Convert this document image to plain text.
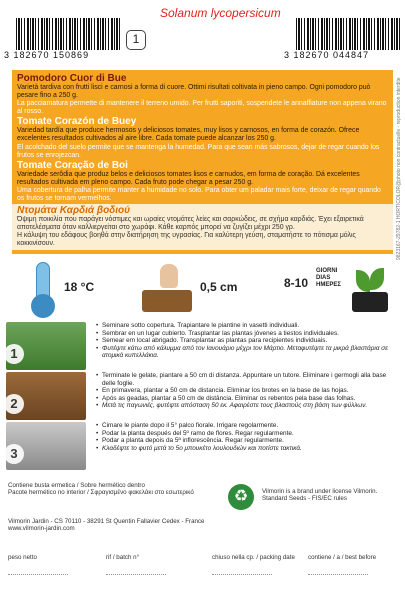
Solanum lycopersicum
3 182670 150869
1
3 182670 044847
Pomodoro Cuor di Bue
Varietà tardiva con frutti lisci e carnosi a forma di cuore. Ottimi risultati coltivata in pieno campo. Ogni pomodoro può pesare fino a 250 g.
La pacciamatura permette di mantenere il terreno umido. Per frutti saporiti, sospendete le annaffiature non appena virano al rosso.
Tomate Corazón de Buey
Variedad tardía que produce hermosos y deliciosos tomates, muy lisos y carnosos, en forma de corazón. Ofrece excelentes resultados cultivados al aire libre. Cada tomate puede alcanzar los 250 g.
El acolchado del suelo permite que se mantenga la humedad. Para que sean más sabrosos, dejar de regar cuando los frutos se enrojezcan.
Tomate Coração de Boi
Variedade serôdia que produz belos e deliciosos tomates lisos e carnudos, em forma de coração. Dá excelentes resultados cultivada em pleno campo. Cada fruto pode chegar a pesar 250 g.
Uma cobertura de palha permite manter a humidade no solo. Para obter um paladar mais forte, deixar de regar quando os frutos se tornam vermelhos.
Ντομάτα Καρδιά βοδιού
Όψιμη ποικιλία που παράγει νόστιμες και ωραίες ντομάτες λείες και σαρκώδεις, σε σχήμα καρδιάς. Έχει εξαιρετικά αποτελέσματα όταν καλλιεργείται στο χωράφι. Κάθε καρπός μπορεί να ζυγίζει μέχρι 250 γρ.
Η κάλυψη του εδάφους βοηθά στην διατήρηση της υγρασίας. Για καλύτερη γεύση, σταματήστε το πότισμα μόλις κοκκινίσουν.
18 °C	0,5 cm	8-10
GIORNI DIAS ΗΜΕΡΕΣ
1
2
3
• Seminare sotto copertura. Trapiantare le piantine in vasetti individuali.
• Sembrar en un lugar cubierto. Trasplantar las plantas jóvenes a tiestos individuales.
• Semear em local abrigado. Transplantar as plantas para recipientes individuais.
• Φυτέψτε κάτω από κάλυμμα από τον Ιανουάριο μέχρι τον Μάρτιο. Μεταφυτέψτε τα μικρά βλαστάρια σε ατομικά κυπελλάκια.
• Terminate le gelate, piantare a 50 cm di distanza. Appuntare un tutore. Eliminare i germogli alla base delle foglie.
• En primavera, plantar a 50 cm de distancia. Eliminar los brotes en la base de las hojas.
• Após as geadas, plantar a 50 cm de distância. Eliminar os rebentos pela base das folhas.
• Μετά τις παγωνιές, φυτέψτε απόσταση 50 εκ. Αφαιρέστε τους βλαστούς στη βάση των φύλλων.
• Cimare le piante dopo il 5° palco fiorale. Irrigare regolarmente.
• Podar la planta después del 5º ramo de flores. Regar regularmente.
• Podar a planta depois da 5ª inflorescência. Regar regularmente.
• Κλαδέψτε το φυτό μετά το 5ο μπουκέτο λουλουδιών και ποτίστε τακτικά.
Contiene busta ermetica / Sobre hermético dentro
Pacote hermético no interior / Σφραγισμένο φακελάκι στο εσωτερικό
Vilmorin Jardin - CS 70110 - 38291 St Quentin Fallavier Cedex - France
www.vilmorin-jardin.com
♻	Vilmorin is a brand under license Vilmorin.
Standard Seeds - FIS/EC rules
peso netto	rif / batch n°	chiuso nella cp. / packing date contiene / a / best before
9823167-29782-1 HORTICOLOR@photo non contractuelle - reproduction interdite
